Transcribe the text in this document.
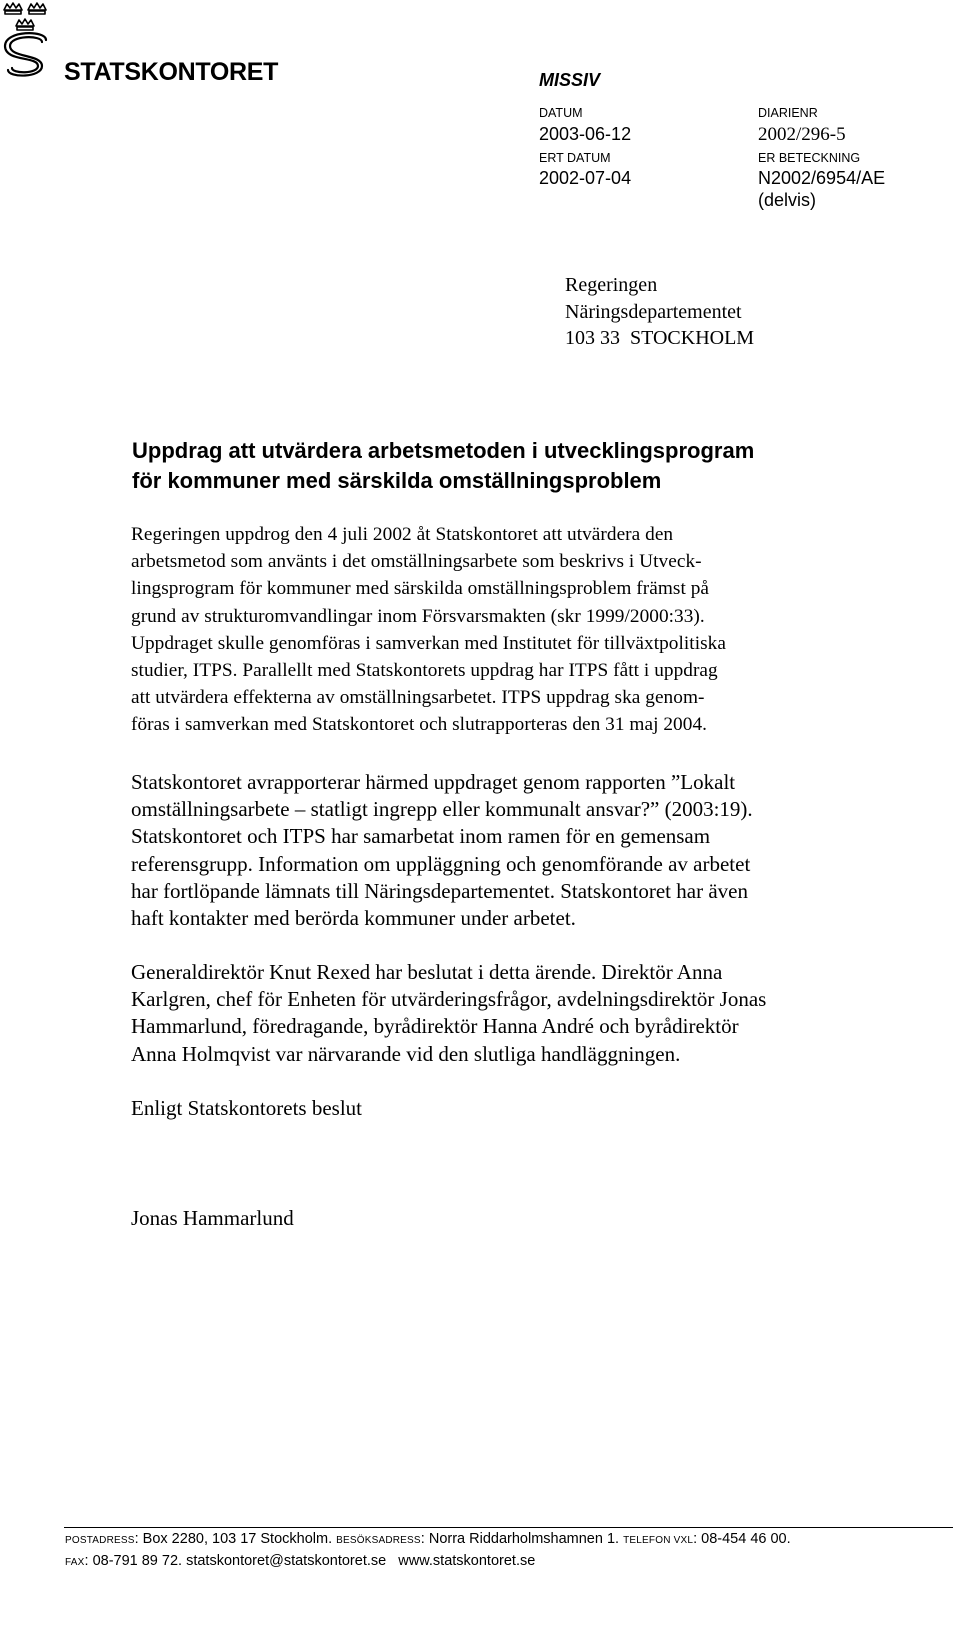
STATSKONTORET	MISSIV
DATUM
2003-06-12
ERT DATUM
2002-07-04
DIARIENR
2002/296-5
ER BETECKNING
N2002/6954/AE
(delvis)
Regeringen
Näringsdepartementet
103 33  STOCKHOLM
Uppdrag att utvärdera arbetsmetoden i utvecklingsprogram
för kommuner med särskilda omställningsproblem
Regeringen uppdrog den 4 juli 2002 åt Statskontoret att utvärdera den
arbetsmetod som använts i det omställningsarbete som beskrivs i Utveck-
lingsprogram för kommuner med särskilda omställningsproblem främst på
grund av strukturomvandlingar inom Försvarsmakten (skr 1999/2000:33).
Uppdraget skulle genomföras i samverkan med Institutet för tillväxtpolitiska
studier, ITPS. Parallellt med Statskontorets uppdrag har ITPS fått i uppdrag
att utvärdera effekterna av omställningsarbetet. ITPS uppdrag ska genom-
föras i samverkan med Statskontoret och slutrapporteras den 31 maj 2004.
Statskontoret avrapporterar härmed uppdraget genom rapporten ”Lokalt
omställningsarbete – statligt ingrepp eller kommunalt ansvar?” (2003:19).
Statskontoret och ITPS har samarbetat inom ramen för en gemensam
referensgrupp. Information om uppläggning och genomförande av arbetet
har fortlöpande lämnats till Näringsdepartementet. Statskontoret har även
haft kontakter med berörda kommuner under arbetet.
Generaldirektör Knut Rexed har beslutat i detta ärende. Direktör Anna
Karlgren, chef för Enheten för utvärderingsfrågor, avdelningsdirektör Jonas
Hammarlund, föredragande, byrådirektör Hanna André och byrådirektör
Anna Holmqvist var närvarande vid den slutliga handläggningen.
Enligt Statskontorets beslut
Jonas Hammarlund
POSTADRESS: Box 2280, 103 17 Stockholm. BESÖKSADRESS: Norra Riddarholmshamnen 1. TELEFON VXL: 08-454 46 00.
FAX: 08-791 89 72. statskontoret@statskontoret.se www.statskontoret.se
